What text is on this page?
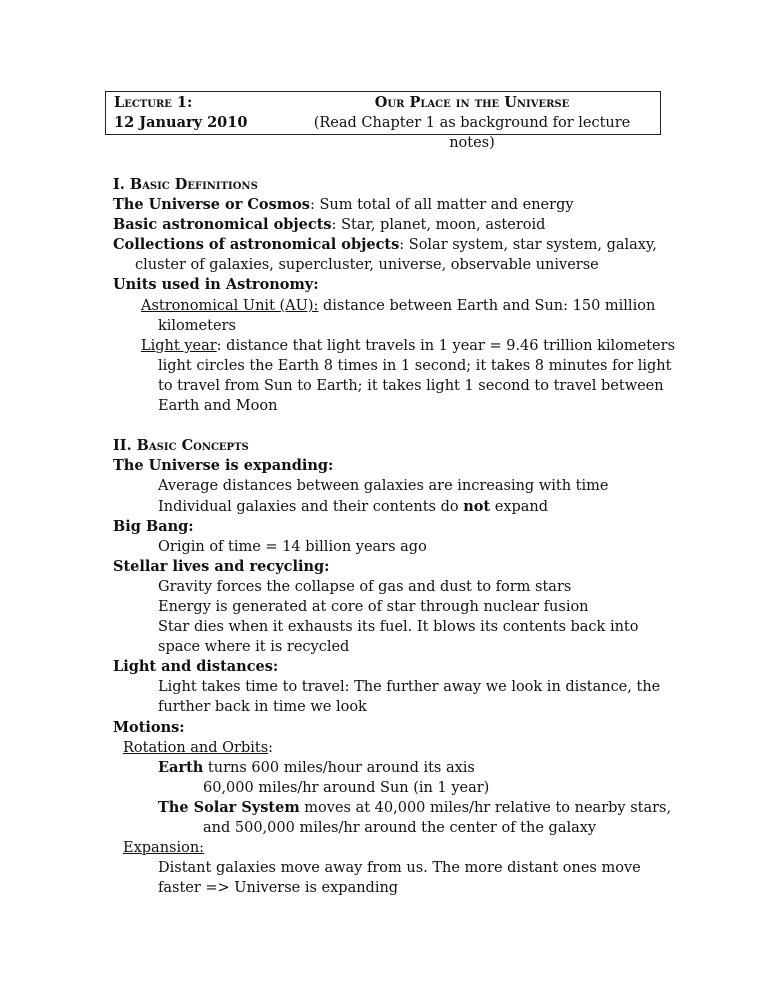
Lecture 1:	Our Place in the Universe
12 January 2010	(Read Chapter 1 as background for lecture notes)
I. Basic Definitions
The Universe or Cosmos: Sum total of all matter and energy
Basic astronomical objects: Star, planet, moon, asteroid
Collections of astronomical objects: Solar system, star system, galaxy,
cluster of galaxies, supercluster, universe, observable universe
Units used in Astronomy:
Astronomical Unit (AU): distance between Earth and Sun: 150 million
kilometers
Light year: distance that light travels in 1 year = 9.46 trillion kilometers
light circles the Earth 8 times in 1 second; it takes 8 minutes for light
to travel from Sun to Earth; it takes light 1 second to travel between
Earth and Moon
II. Basic Concepts
The Universe is expanding:
Average distances between galaxies are increasing with time
Individual galaxies and their contents do not expand
Big Bang:
Origin of time = 14 billion years ago
Stellar lives and recycling:
Gravity forces the collapse of gas and dust to form stars
Energy is generated at core of star through nuclear fusion
Star dies when it exhausts its fuel. It blows its contents back into
space where it is recycled
Light and distances:
Light takes time to travel: The further away we look in distance, the
further back in time we look
Motions:
Rotation and Orbits:
Earth turns 600 miles/hour around its axis
60,000 miles/hr around Sun (in 1 year)
The Solar System moves at 40,000 miles/hr relative to nearby stars,
and 500,000 miles/hr around the center of the galaxy
Expansion:
Distant galaxies move away from us. The more distant ones move
faster => Universe is expanding
